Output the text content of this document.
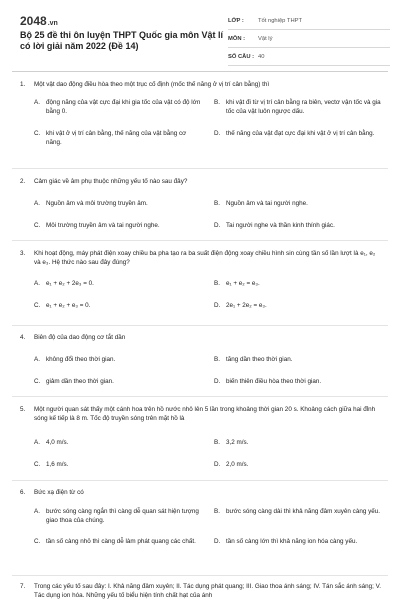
2048.vn
Bộ 25 đề thi ôn luyện THPT Quốc gia môn Vật lí có lời giải năm 2022 (Đề 14)
LỚP :	Tốt nghiệp THPT
MÔN :	Vật lý
SỐ CÂU : 40
1.	Một vật dao động điều hòa theo một trục cố định (mốc thế năng ở vị trí cân bằng) thì
A. động năng của vật cực đại khi gia tốc của vật có độ lớn bằng 0.
B. khi vật đi từ vị trí cân bằng ra biên, vectơ vận tốc và gia tốc của vật luôn ngược dấu.
C. khi vật ở vị trí cân bằng, thế năng của vật bằng cơ năng.
D. thế năng của vật đạt cực đại khi vật ở vị trí cân bằng.
2.	Cảm giác về âm phụ thuộc những yếu tố nào sau đây?
A. Nguồn âm và môi trường truyền âm.	B. Nguồn âm và tai người nghe.
C. Môi trường truyền âm và tai người nghe.	D. Tai người nghe và thần kinh thính giác.
3.	Khi hoạt động, máy phát điện xoay chiều ba pha tạo ra ba suất điện động xoay chiều hình sin cùng tần số lần lượt là e₁, e₂ và e₃. Hệ thức nào sau đây đúng?
A. e₁ + e₂ + 2e₃ = 0.	B. e₁ + e₂ = e₃.
C. e₁ + e₂ + e₃ = 0.	D. 2e₁ + 2e₂ = e₃.
4.	Biên độ của dao động cơ tắt dần
A. không đổi theo thời gian.	B. tăng dần theo thời gian.
C. giảm dần theo thời gian.	D. biến thiên điều hòa theo thời gian.
5.	Một người quan sát thấy một cánh hoa trên hồ nước nhô lên 5 lần trong khoảng thời gian 20 s. Khoảng cách giữa hai đỉnh sóng kế tiếp là 8 m. Tốc độ truyền sóng trên mặt hồ là
A. 4,0 m/s.	B. 3,2 m/s.
C. 1,6 m/s.	D. 2,0 m/s.
6.	Bức xạ điện từ có
A. bước sóng càng ngắn thì càng dễ quan sát hiện tượng giao thoa của chúng.
B. bước sóng càng dài thì khả năng đâm xuyên càng yếu.
C. tần số càng nhỏ thì càng dễ làm phát quang các chất.	D. tần số càng lớn thì khả năng ion hóa càng yếu.
7.	Trong các yếu tố sau đây: I. Khả năng đâm xuyên; II. Tác dụng phát quang; III. Giao thoa ánh sáng; IV. Tán sắc ánh sáng; V. Tác dụng ion hóa. Những yếu tố biểu hiện tính chất hạt của ánh
